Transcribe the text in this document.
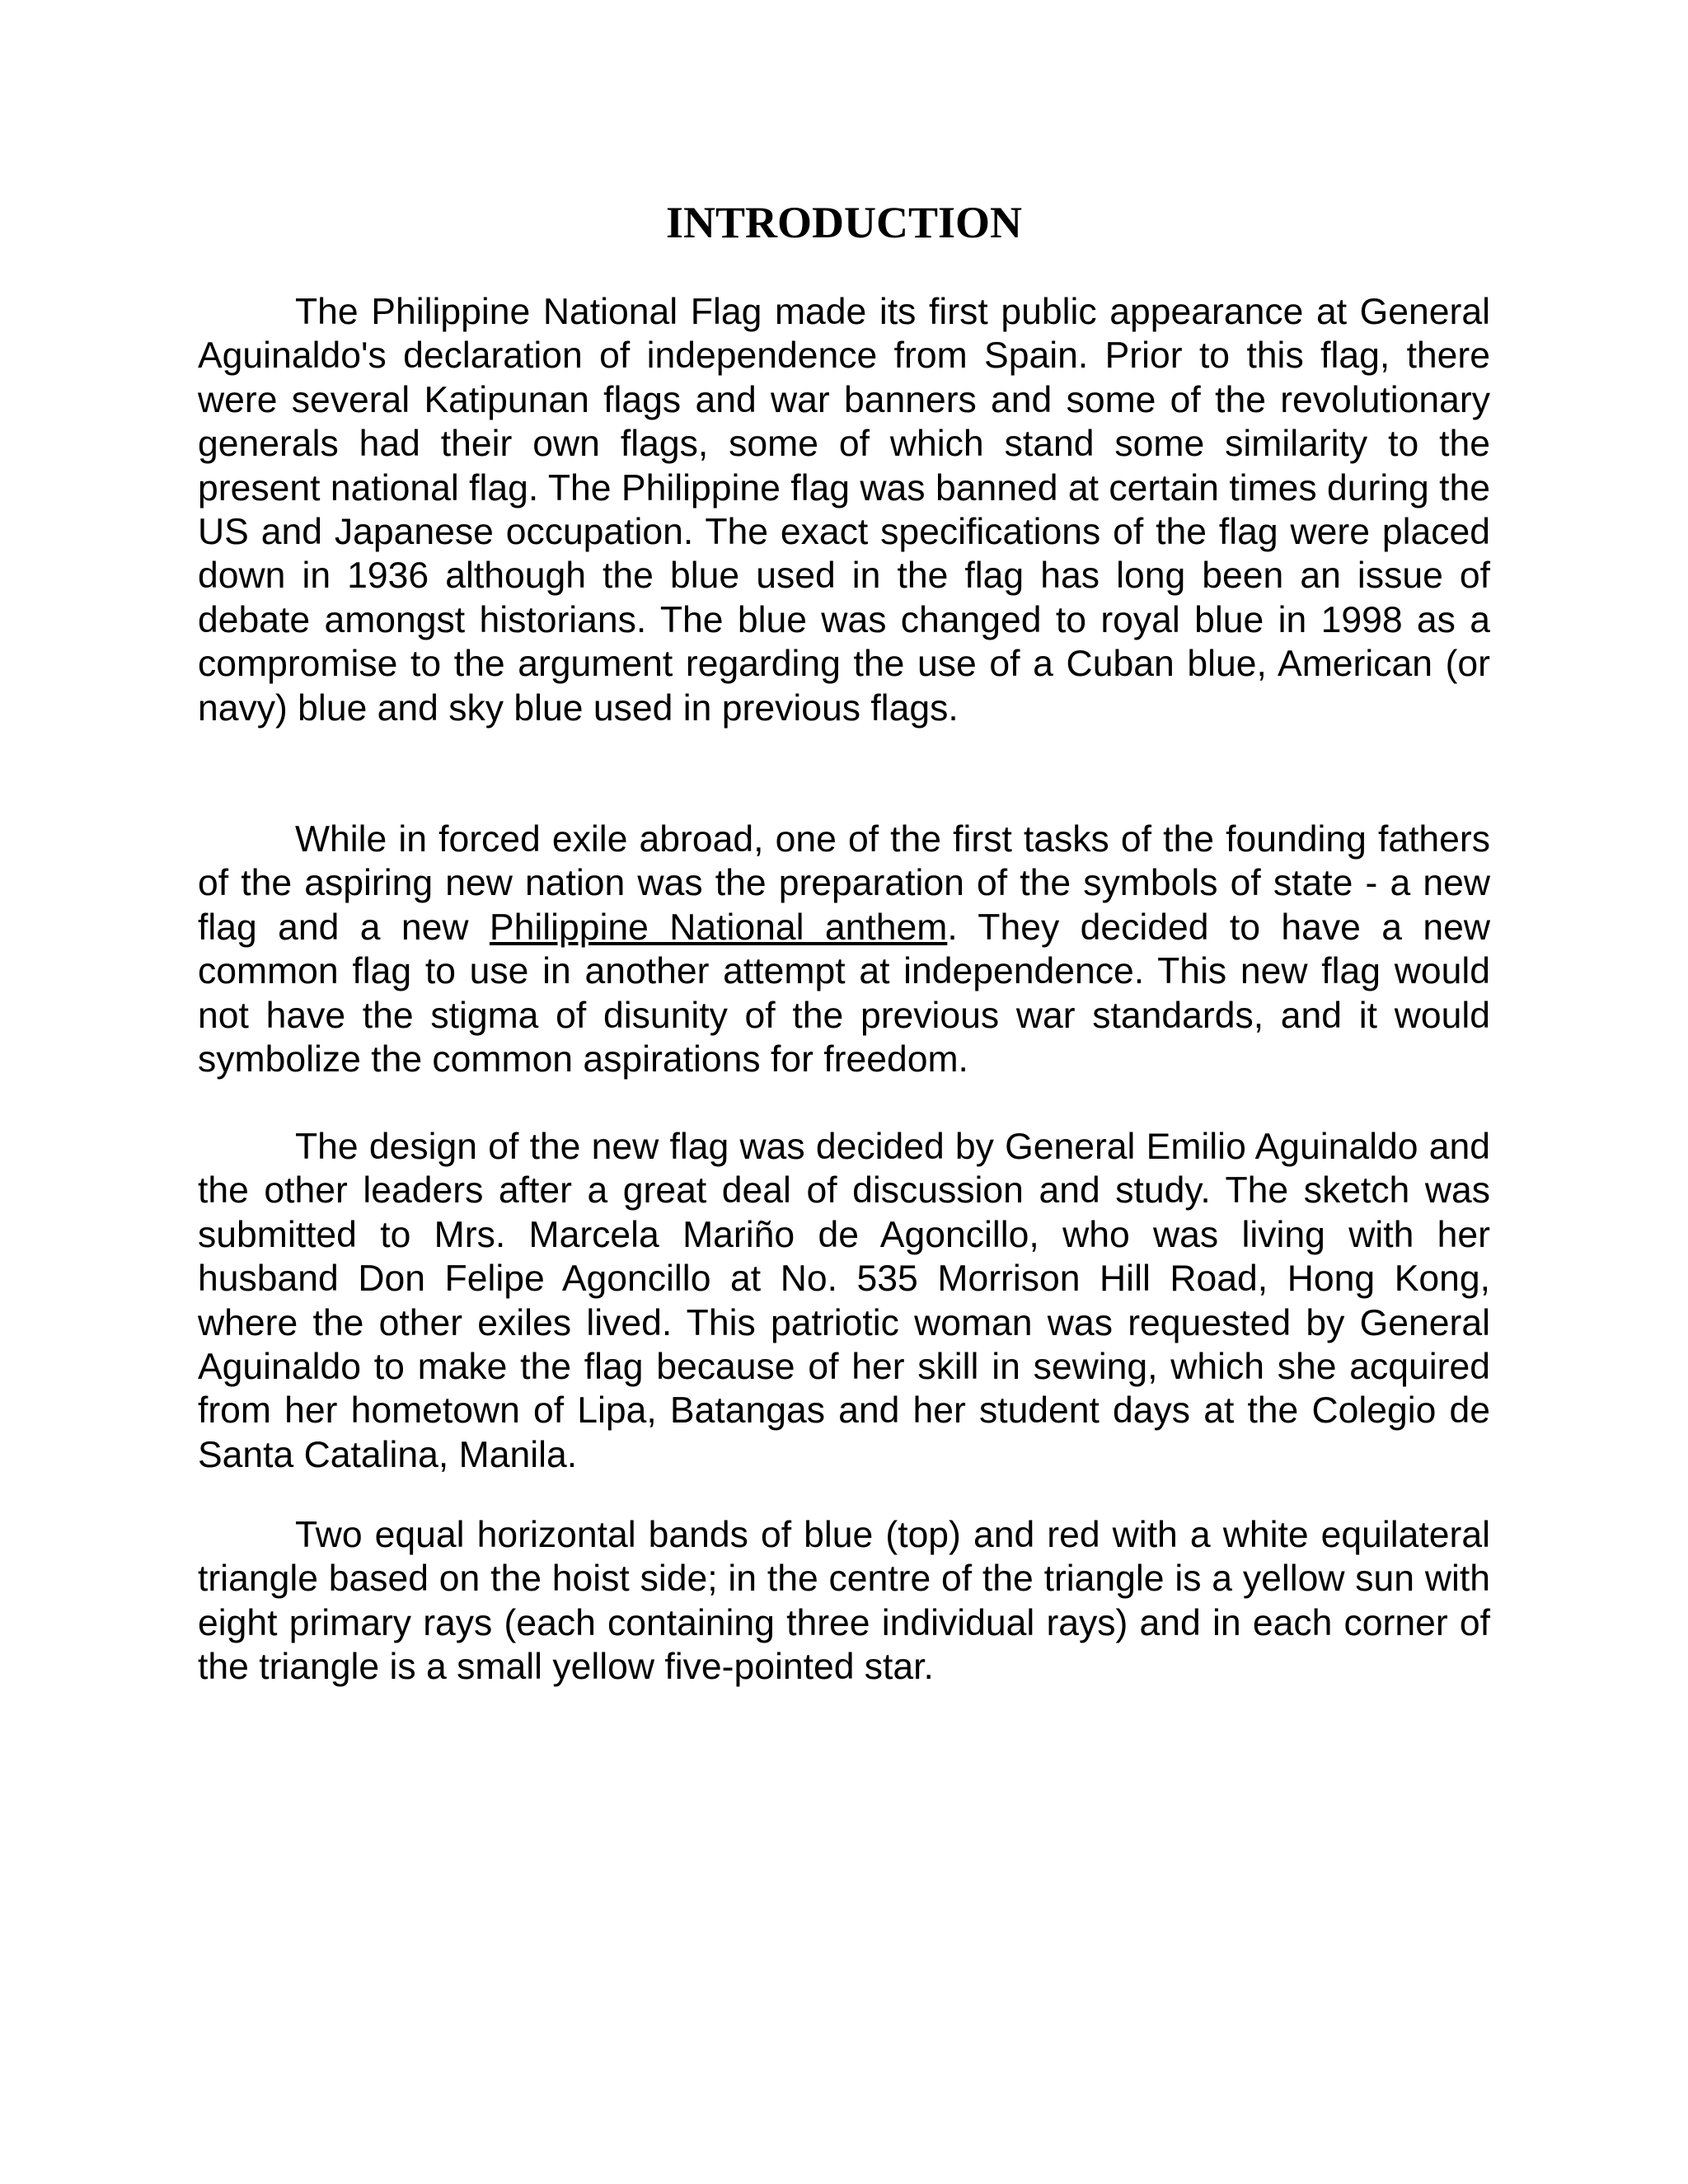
INTRODUCTION

The Philippine National Flag made its first public appearance at General Aguinaldo's declaration of independence from Spain. Prior to this flag, there were several Katipunan flags and war banners and some of the revolutionary generals had their own flags, some of which stand some similarity to the present national flag. The Philippine flag was banned at certain times during the US and Japanese occupation. The exact specifications of the flag were placed down in 1936 although the blue used in the flag has long been an issue of debate amongst historians. The blue was changed to royal blue in 1998 as a compromise to the argument regarding the use of a Cuban blue, American (or navy) blue and sky blue used in previous flags.

While in forced exile abroad, one of the first tasks of the founding fathers of the aspiring new nation was the preparation of the symbols of state - a new flag and a new Philippine National anthem. They decided to have a new common flag to use in another attempt at independence. This new flag would not have the stigma of disunity of the previous war standards, and it would symbolize the common aspirations for freedom.

The design of the new flag was decided by General Emilio Aguinaldo and the other leaders after a great deal of discussion and study. The sketch was submitted to Mrs. Marcela Mariño de Agoncillo, who was living with her husband Don Felipe Agoncillo at No. 535 Morrison Hill Road, Hong Kong, where the other exiles lived. This patriotic woman was requested by General Aguinaldo to make the flag because of her skill in sewing, which she acquired from her hometown of Lipa, Batangas and her student days at the Colegio de Santa Catalina, Manila.

Two equal horizontal bands of blue (top) and red with a white equilateral triangle based on the hoist side; in the centre of the triangle is a yellow sun with eight primary rays (each containing three individual rays) and in each corner of the triangle is a small yellow five-pointed star.
